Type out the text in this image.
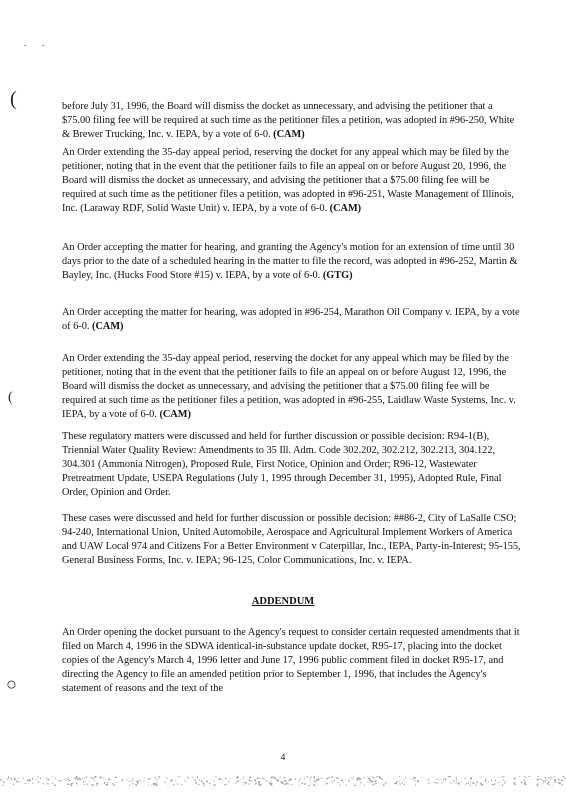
(
(
○
.       .

before July 31, 1996, the Board will dismiss the docket as unnecessary, and advising the petitioner that a $75.00 filing fee will be required at such time as the petitioner files a petition, was adopted in #96-250, White & Brewer Trucking, Inc. v. IEPA, by a vote of 6-0. (CAM)

An Order extending the 35-day appeal period, reserving the docket for any appeal which may be filed by the petitioner, noting that in the event that the petitioner fails to file an appeal on or before August 20, 1996, the Board will dismiss the docket as unnecessary, and advising the petitioner that a $75.00 filing fee will be required at such time as the petitioner files a petition, was adopted in #96-251, Waste Management of Illinois, Inc. (Laraway RDF, Solid Waste Unit) v. IEPA, by a vote of 6-0. (CAM)

An Order accepting the matter for hearing, and granting the Agency's motion for an extension of time until 30 days prior to the date of a scheduled hearing in the matter to file the record, was adopted in #96-252, Martin & Bayley, Inc. (Hucks Food Store #15) v. IEPA, by a vote of 6-0. (GTG)

An Order accepting the matter for hearing, was adopted in #96-254, Marathon Oil Company v. IEPA, by a vote of 6-0. (CAM)

An Order extending the 35-day appeal period, reserving the docket for any appeal which may be filed by the petitioner, noting that in the event that the petitioner fails to file an appeal on or before August 12, 1996, the Board will dismiss the docket as unnecessary, and advising the petitioner that a $75.00 filing fee will be required at such time as the petitioner files a petition, was adopted in #96-255, Laidlaw Waste Systems, Inc. v. IEPA, by a vote of 6-0. (CAM)

These regulatory matters were discussed and held for further discussion or possible decision: R94-1(B), Triennial Water Quality Review: Amendments to 35 Ill. Adm. Code 302.202, 302.212, 302.213, 304.122, 304.301 (Ammonia Nitrogen), Proposed Rule, First Notice, Opinion and Order; R96-12, Wastewater Pretreatment Update, USEPA Regulations (July 1, 1995 through December 31, 1995), Adopted Rule, Final Order, Opinion and Order.

These cases were discussed and held for further discussion or possible decision: ##86-2, City of LaSalle CSO; 94-240, International Union, United Automobile, Aerospace and Agricultural Implement Workers of America and UAW Local 974 and Citizens For a Better Environment v Caterpillar, Inc., IEPA, Party-in-Interest; 95-155, General Business Forms, Inc. v. IEPA; 96-125, Color Communications, Inc. v. IEPA.

ADDENDUM

An Order opening the docket pursuant to the Agency's request to consider certain requested amendments that it filed on March 4, 1996 in the SDWA identical-in-substance update docket, R95-17, placing into the docket copies of the Agency's March 4, 1996 letter and June 17, 1996 public comment filed in docket R95-17, and directing the Agency to file an amended petition prior to September 1, 1996, that includes the Agency's statement of reasons and the text of the

4
